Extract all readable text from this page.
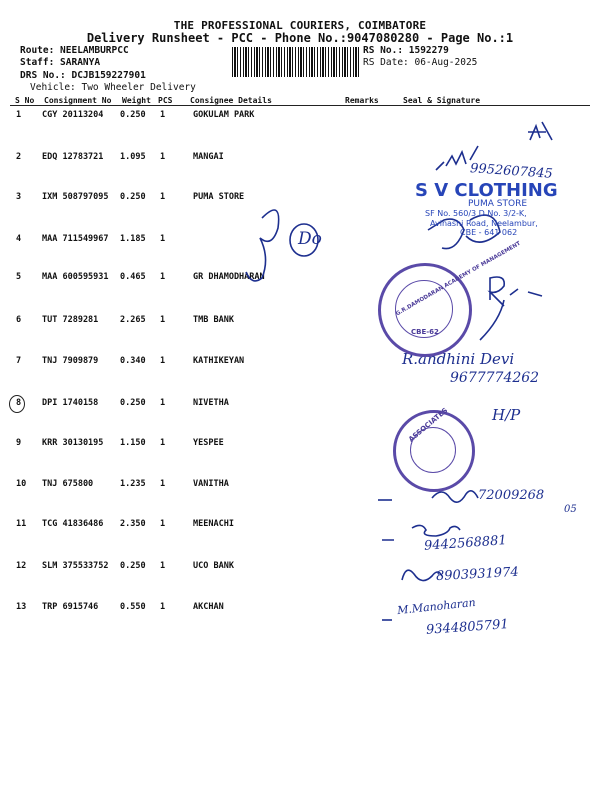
THE PROFESSIONAL COURIERS, COIMBATORE
Delivery Runsheet - PCC - Phone No.:9047080280 - Page No.:1
Route: NEELAMBURPCC
Staff: SARANYA
DRS No.: DCJB159227901
Vehicle: Two Wheeler Delivery
RS No.: 1592279
RS Date: 06-Aug-2025
S No Consignment No Weight PCS Consignee Details	Remarks	Seal & Signature
1 CGY 20113204 0.250 1	GOKULAM PARK
2 EDQ 12783721 1.095 1	MANGAI
3 IXM 508797095 0.250 1	PUMA STORE
4 MAA 711549967 1.185 1
5 MAA 600595931 0.465 1	GR DHAMODHARAN
6 TUT 7289281	2.265 1	TMB BANK
7 TNJ 7909879	0.340 1	KATHIKEYAN
8 DPI 1740158	0.250 1	NIVETHA
9 KRR 30130195 1.150 1	YESPEE
10 TNJ 675800	1.235 1	VANITHA
11 TCG 41836486 2.350 1	MEENACHI
12 SLM 375533752 0.250 1	UCO BANK
13 TRP 6915746	0.550 1	AKCHAN
Do
9952607845
R.andhini Devi
9677774262
H/P
72009268
05
9442568881
8903931974
M.Manoharan
9344805791
S V CLOTHING
PUMA STORE
SF No. 560/3 D.No. 3/2-K,
Avinashi Road, Neelambur,
CBE - 641 062
G.R.DAMODARAN ACADEMY OF MANAGEMENT
CBE-62
ASSOCIATES
